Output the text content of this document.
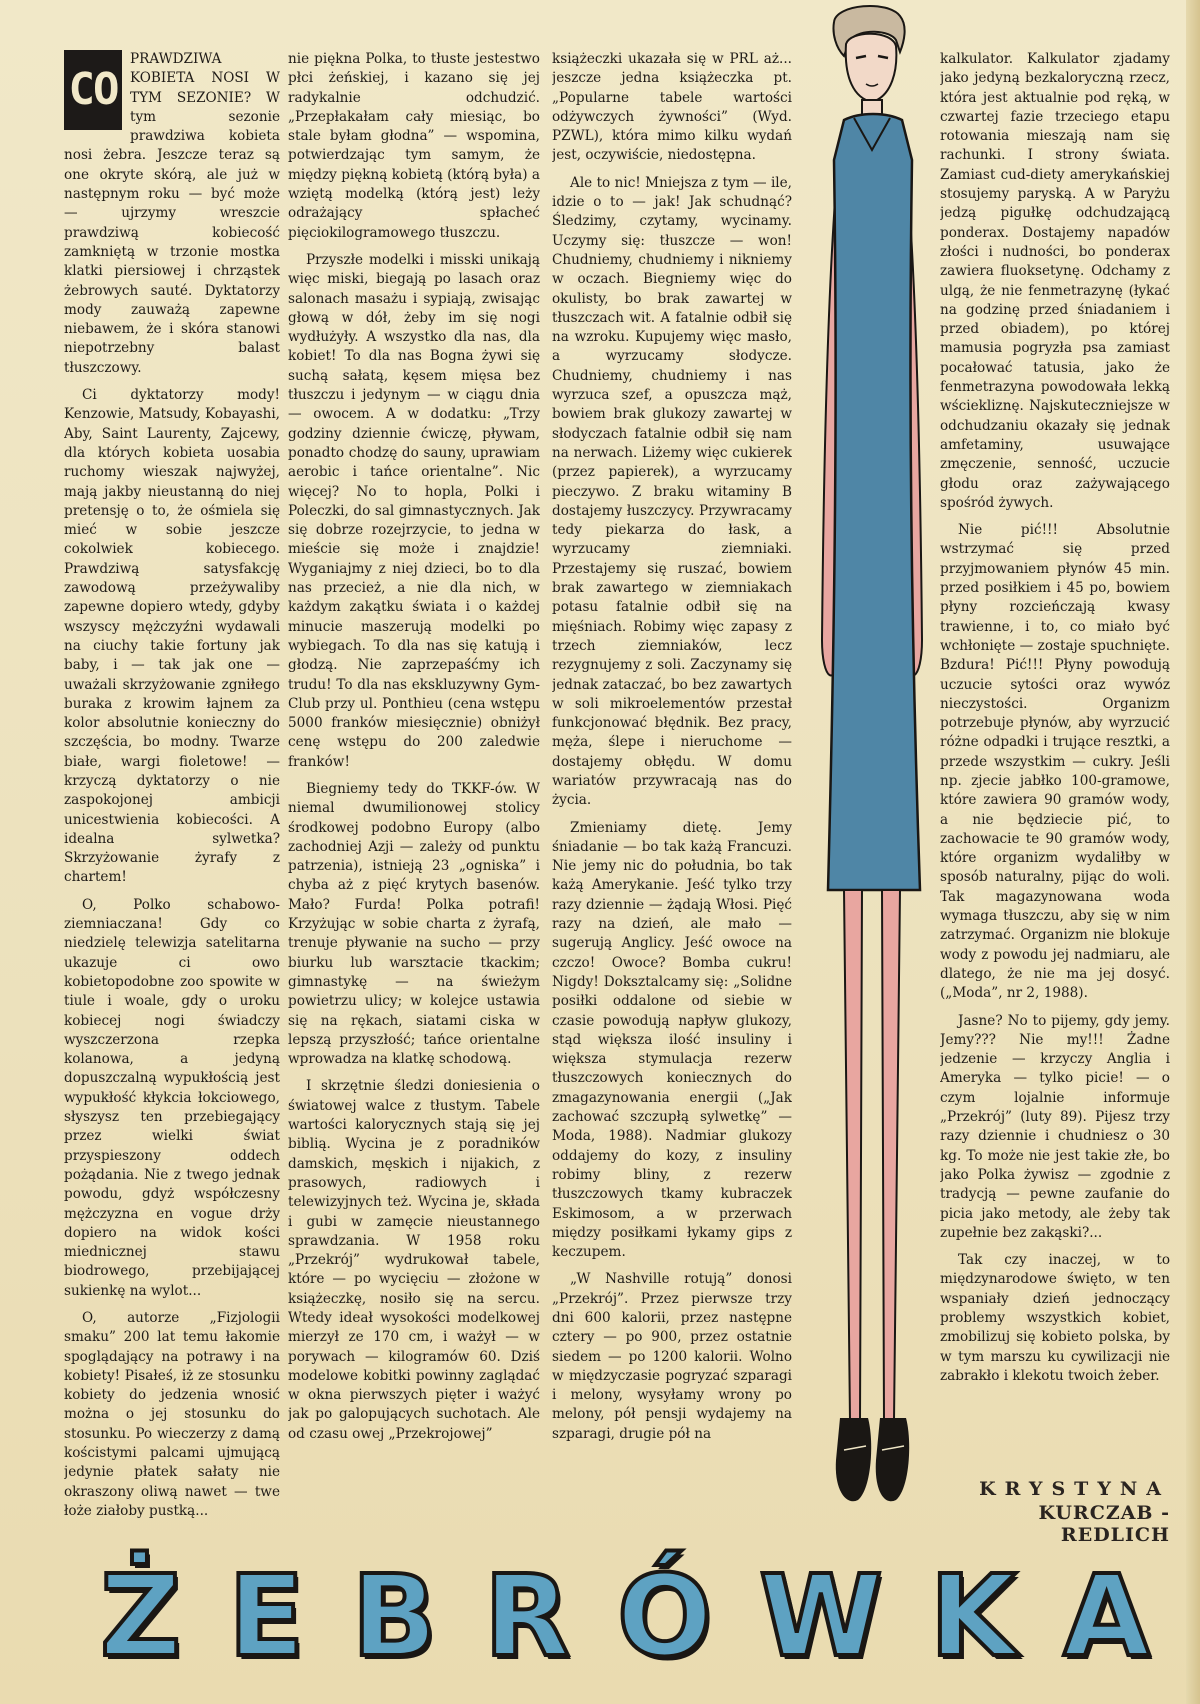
CO

PRAWDZIWA KOBIETA NOSI W TYM SEZONIE? W tym sezonie prawdziwa kobieta nosi żebra. Jeszcze teraz są one okryte skórą, ale już w następnym roku — być może — ujrzymy wreszcie prawdziwą kobiecość zamkniętą w trzonie mostka klatki piersiowej i chrząstek żebrowych sauté. Dyktatorzy mody zauważą zapewne niebawem, że i skóra stanowi niepotrzebny balast tłuszczowy.

Ci dyktatorzy mody! Kenzowie, Matsudy, Kobayashi, Aby, Saint Laurenty, Zajcewy, dla których kobieta uosabia ruchomy wieszak najwyżej, mają jakby nieustanną do niej pretensję o to, że ośmiela się mieć w sobie jeszcze cokolwiek kobiecego. Prawdziwą satysfakcję zawodową przeżywaliby zapewne dopiero wtedy, gdyby wszyscy mężczyźni wydawali na ciuchy takie fortuny jak baby, i — tak jak one — uważali skrzyżowanie zgniłego buraka z krowim łajnem za kolor absolutnie konieczny do szczęścia, bo modny. Twarze białe, wargi fioletowe! — krzyczą dyktatorzy o nie zaspokojonej ambicji unicestwienia kobiecości. A idealna sylwetka? Skrzyżowanie żyrafy z chartem!

O, Polko schabowo-ziemniaczana! Gdy co niedzielę telewizja satelitarna ukazuje ci owo kobietopodobne zoo spowite w tiule i woale, gdy o uroku kobiecej nogi świadczy wyszczerzona rzepka kolanowa, a jedyną dopuszczalną wypukłością jest wypukłość kłykcia łokciowego, słyszysz ten przebiegający przez wielki świat przyspieszony oddech pożądania. Nie z twego jednak powodu, gdyż współczesny mężczyzna en vogue drży dopiero na widok kości miednicznej stawu biodrowego, przebijającej sukienkę na wylot...

O, autorze „Fizjologii smaku” 200 lat temu łakomie spoglądający na potrawy i na kobiety! Pisałeś, iż ze stosunku kobiety do jedzenia wnosić można o jej stosunku do stosunku. Po wieczerzy z damą kościstymi palcami ujmującą jedynie płatek sałaty nie okraszony oliwą nawet — twe łoże ziałoby pustką...

nie piękna Polka, to tłuste jestestwo płci żeńskiej, i kazano się jej radykalnie odchudzić. „Przepłakałam cały miesiąc, bo stale byłam głodna” — wspomina, potwierdzając tym samym, że między piękną kobietą (którą była) a wziętą modelką (którą jest) leży odrażający spłacheć pięciokilogramowego tłuszczu.

Przyszłe modelki i misski unikają więc miski, biegają po lasach oraz salonach masażu i sypiają, zwisając głową w dół, żeby im się nogi wydłużyły. A wszystko dla nas, dla kobiet! To dla nas Bogna żywi się suchą sałatą, kęsem mięsa bez tłuszczu i jedynym — w ciągu dnia — owocem. A w dodatku: „Trzy godziny dziennie ćwiczę, pływam, ponadto chodzę do sauny, uprawiam aerobic i tańce orientalne”. Nic więcej? No to hopla, Polki i Poleczki, do sal gimnastycznych. Jak się dobrze rozejrzycie, to jedna w mieście się może i znajdzie! Wyganiajmy z niej dzieci, bo to dla nas przecież, a nie dla nich, w każdym zakątku świata i o każdej minucie maszerują modelki po wybiegach. To dla nas się katują i głodzą. Nie zaprzepaśćmy ich trudu! To dla nas ekskluzywny Gym-Club przy ul. Ponthieu (cena wstępu 5000 franków miesięcznie) obniżył cenę wstępu do 200 zaledwie franków!

Biegniemy tedy do TKKF-ów. W niemal dwumilionowej stolicy środkowej podobno Europy (albo zachodniej Azji — zależy od punktu patrzenia), istnieją 23 „ogniska” i chyba aż z pięć krytych basenów. Mało? Furda! Polka potrafi! Krzyżując w sobie charta z żyrafą, trenuje pływanie na sucho — przy biurku lub warsztacie tkackim; gimnastykę — na świeżym powietrzu ulicy; w kolejce ustawia się na rękach, siatami ciska w lepszą przyszłość; tańce orientalne wprowadza na klatkę schodową.

I skrzętnie śledzi doniesienia o światowej walce z tłustym. Tabele wartości kalorycznych stają się jej biblią. Wycina je z poradników damskich, męskich i nijakich, z prasowych, radiowych i telewizyjnych też. Wycina je, składa i gubi w zamęcie nieustannego sprawdzania. W 1958 roku „Przekrój” wydrukował tabele, które — po wycięciu — złożone w książeczkę, nosiło się na sercu. Wtedy ideał wysokości modelkowej mierzył ze 170 cm, i ważył — w porywach — kilogramów 60. Dziś modelowe kobitki powinny zaglądać w okna pierwszych pięter i ważyć jak po galopujących suchotach. Ale od czasu owej „Przekrojowej”

książeczki ukazała się w PRL aż... jeszcze jedna książeczka pt. „Popularne tabele wartości odżywczych żywności” (Wyd. PZWL), która mimo kilku wydań jest, oczywiście, niedostępna.

Ale to nic! Mniejsza z tym — ile, idzie o to — jak! Jak schudnąć? Śledzimy, czytamy, wycinamy. Uczymy się: tłuszcze — won! Chudniemy, chudniemy i nikniemy w oczach. Biegniemy więc do okulisty, bo brak zawartej w tłuszczach wit. A fatalnie odbił się na wzroku. Kupujemy więc masło, a wyrzucamy słodycze. Chudniemy, chudniemy i nas wyrzuca szef, a opuszcza mąż, bowiem brak glukozy zawartej w słodyczach fatalnie odbił się nam na nerwach. Liżemy więc cukierek (przez papierek), a wyrzucamy pieczywo. Z braku witaminy B dostajemy łuszczycy. Przywracamy tedy piekarza do łask, a wyrzucamy ziemniaki. Przestajemy się ruszać, bowiem brak zawartego w ziemniakach potasu fatalnie odbił się na mięśniach. Robimy więc zapasy z trzech ziemniaków, lecz rezygnujemy z soli. Zaczynamy się jednak zataczać, bo bez zawartych w soli mikroelementów przestał funkcjonować błędnik. Bez pracy, męża, ślepe i nieruchome — dostajemy obłędu. W domu wariatów przywracają nas do życia.

Zmieniamy dietę. Jemy śniadanie — bo tak każą Francuzi. Nie jemy nic do południa, bo tak każą Amerykanie. Jeść tylko trzy razy dziennie — żądają Włosi. Pięć razy na dzień, ale mało — sugerują Anglicy. Jeść owoce na czczo! Owoce? Bomba cukru! Nigdy! Doksztalcamy się: „Solidne posiłki oddalone od siebie w czasie powodują napływ glukozy, stąd większa ilość insuliny i większa stymulacja rezerw tłuszczowych koniecznych do zmagazynowania energii („Jak zachować szczupłą sylwetkę” — Moda, 1988). Nadmiar glukozy oddajemy do kozy, z insuliny robimy bliny, z rezerw tłuszczowych tkamy kubraczek Eskimosom, a w przerwach między posiłkami łykamy gips z keczupem.

„W Nashville rotują” donosi „Przekrój”. Przez pierwsze trzy dni 600 kalorii, przez następne cztery — po 900, przez ostatnie siedem — po 1200 kalorii. Wolno w międzyczasie pogryzać szparagi i melony, wysyłamy wrony po melony, pół pensji wydajemy na szparagi, drugie pół na

kalkulator. Kalkulator zjadamy jako jedyną bezkaloryczną rzecz, która jest aktualnie pod ręką, w czwartej fazie trzeciego etapu rotowania mieszają nam się rachunki. I strony świata. Zamiast cud-diety amerykańskiej stosujemy paryską. A w Paryżu jedzą pigułkę odchudzającą ponderax. Dostajemy napadów złości i nudności, bo ponderax zawiera fluoksetynę. Odchamy z ulgą, że nie fenmetrazynę (łykać na godzinę przed śniadaniem i przed obiadem), po której mamusia pogryzła psa zamiast pocałować tatusia, jako że fenmetrazyna powodowała lekką wściekliznę. Najskuteczniejsze w odchudzaniu okazały się jednak amfetaminy, usuwające zmęczenie, senność, uczucie głodu oraz zażywającego spośród żywych.

Nie pić!!! Absolutnie wstrzymać się przed przyjmowaniem płynów 45 min. przed posiłkiem i 45 po, bowiem płyny rozcieńczają kwasy trawienne, i to, co miało być wchłonięte — zostaje spuchnięte. Bzdura! Pić!!! Płyny powodują uczucie sytości oraz wywóz nieczystości. Organizm potrzebuje płynów, aby wyrzucić różne odpadki i trujące resztki, a przede wszystkim — cukry. Jeśli np. zjecie jabłko 100-gramowe, które zawiera 90 gramów wody, a nie będziecie pić, to zachowacie te 90 gramów wody, które organizm wydaliłby w sposób naturalny, pijąc do woli. Tak magazynowana woda wymaga tłuszczu, aby się w nim zatrzymać. Organizm nie blokuje wody z powodu jej nadmiaru, ale dlatego, że nie ma jej dosyć. („Moda”, nr 2, 1988).

Jasne? No to pijemy, gdy jemy. Jemy??? Nie my!!! Żadne jedzenie — krzyczy Anglia i Ameryka — tylko picie! — o czym lojalnie informuje „Przekrój” (luty 89). Pijesz trzy razy dziennie i chudniesz o 30 kg. To może nie jest takie złe, bo jako Polka żywisz — zgodnie z tradycją — pewne zaufanie do picia jako metody, ale żeby tak zupełnie bez zakąski?...

Tak czy inaczej, w to międzynarodowe święto, w ten wspaniały dzień jednoczący problemy wszystkich kobiet, zmobilizuj się kobieto polska, by w tym marszu ku cywilizacji nie zabrakło i klekotu twoich żeber.

KRYSTYNA
KURCZAB - REDLICH
Ż E B R Ó W K A
